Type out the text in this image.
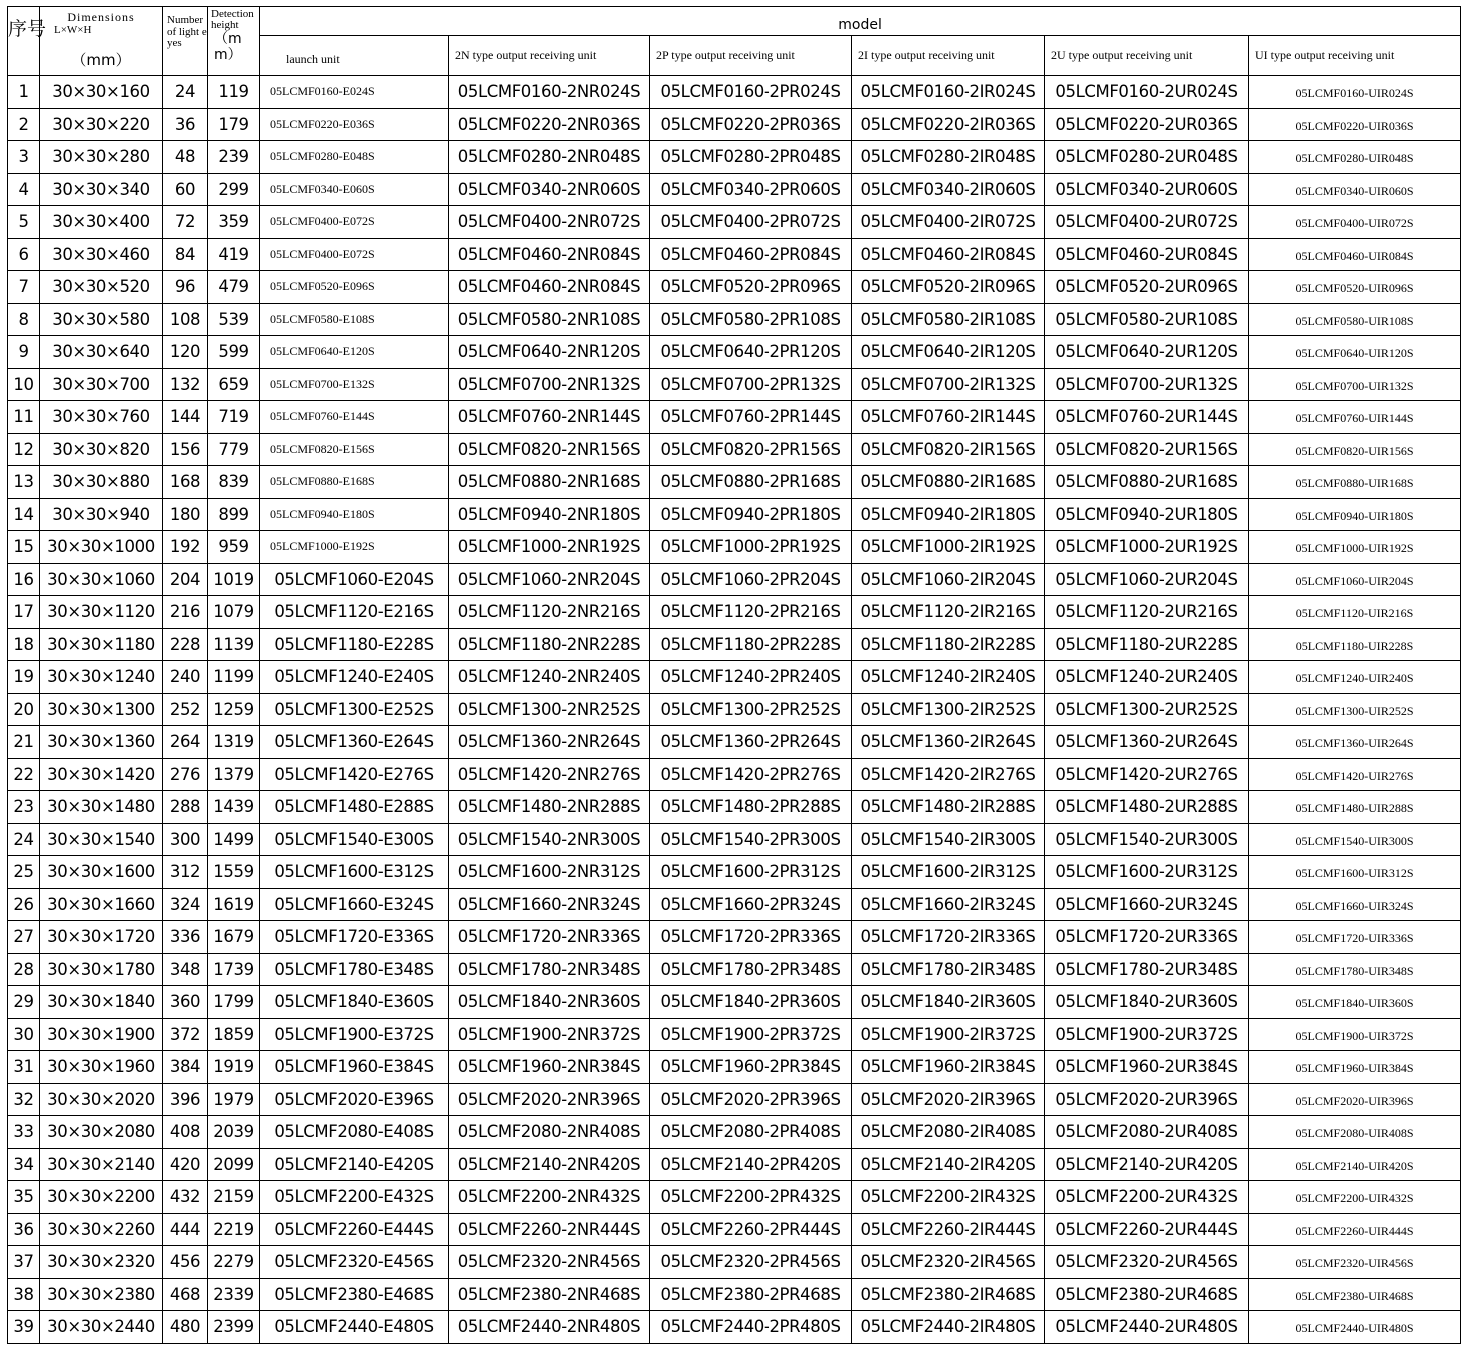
序号	Dimensions
L×W×H
（mm）	Number of light eyes	Detection height
（mm）	model					
				launch unit	2N type output receiving unit	2P type output receiving unit	2I type output receiving unit	2U type output receiving unit	UI type output receiving unit
1	30×30×160	24	119	05LCMF0160-E024S	05LCMF0160-2NR024S	05LCMF0160-2PR024S	05LCMF0160-2IR024S	05LCMF0160-2UR024S	05LCMF0160-UIR024S
2	30×30×220	36	179	05LCMF0220-E036S	05LCMF0220-2NR036S	05LCMF0220-2PR036S	05LCMF0220-2IR036S	05LCMF0220-2UR036S	05LCMF0220-UIR036S
3	30×30×280	48	239	05LCMF0280-E048S	05LCMF0280-2NR048S	05LCMF0280-2PR048S	05LCMF0280-2IR048S	05LCMF0280-2UR048S	05LCMF0280-UIR048S
4	30×30×340	60	299	05LCMF0340-E060S	05LCMF0340-2NR060S	05LCMF0340-2PR060S	05LCMF0340-2IR060S	05LCMF0340-2UR060S	05LCMF0340-UIR060S
5	30×30×400	72	359	05LCMF0400-E072S	05LCMF0400-2NR072S	05LCMF0400-2PR072S	05LCMF0400-2IR072S	05LCMF0400-2UR072S	05LCMF0400-UIR072S
6	30×30×460	84	419	05LCMF0400-E072S	05LCMF0460-2NR084S	05LCMF0460-2PR084S	05LCMF0460-2IR084S	05LCMF0460-2UR084S	05LCMF0460-UIR084S
7	30×30×520	96	479	05LCMF0520-E096S	05LCMF0460-2NR084S	05LCMF0520-2PR096S	05LCMF0520-2IR096S	05LCMF0520-2UR096S	05LCMF0520-UIR096S
8	30×30×580	108	539	05LCMF0580-E108S	05LCMF0580-2NR108S	05LCMF0580-2PR108S	05LCMF0580-2IR108S	05LCMF0580-2UR108S	05LCMF0580-UIR108S
9	30×30×640	120	599	05LCMF0640-E120S	05LCMF0640-2NR120S	05LCMF0640-2PR120S	05LCMF0640-2IR120S	05LCMF0640-2UR120S	05LCMF0640-UIR120S
10	30×30×700	132	659	05LCMF0700-E132S	05LCMF0700-2NR132S	05LCMF0700-2PR132S	05LCMF0700-2IR132S	05LCMF0700-2UR132S	05LCMF0700-UIR132S
11	30×30×760	144	719	05LCMF0760-E144S	05LCMF0760-2NR144S	05LCMF0760-2PR144S	05LCMF0760-2IR144S	05LCMF0760-2UR144S	05LCMF0760-UIR144S
12	30×30×820	156	779	05LCMF0820-E156S	05LCMF0820-2NR156S	05LCMF0820-2PR156S	05LCMF0820-2IR156S	05LCMF0820-2UR156S	05LCMF0820-UIR156S
13	30×30×880	168	839	05LCMF0880-E168S	05LCMF0880-2NR168S	05LCMF0880-2PR168S	05LCMF0880-2IR168S	05LCMF0880-2UR168S	05LCMF0880-UIR168S
14	30×30×940	180	899	05LCMF0940-E180S	05LCMF0940-2NR180S	05LCMF0940-2PR180S	05LCMF0940-2IR180S	05LCMF0940-2UR180S	05LCMF0940-UIR180S
15	30×30×1000	192	959	05LCMF1000-E192S	05LCMF1000-2NR192S	05LCMF1000-2PR192S	05LCMF1000-2IR192S	05LCMF1000-2UR192S	05LCMF1000-UIR192S
16	30×30×1060	204	1019	05LCMF1060-E204S	05LCMF1060-2NR204S	05LCMF1060-2PR204S	05LCMF1060-2IR204S	05LCMF1060-2UR204S	05LCMF1060-UIR204S
17	30×30×1120	216	1079	05LCMF1120-E216S	05LCMF1120-2NR216S	05LCMF1120-2PR216S	05LCMF1120-2IR216S	05LCMF1120-2UR216S	05LCMF1120-UIR216S
18	30×30×1180	228	1139	05LCMF1180-E228S	05LCMF1180-2NR228S	05LCMF1180-2PR228S	05LCMF1180-2IR228S	05LCMF1180-2UR228S	05LCMF1180-UIR228S
19	30×30×1240	240	1199	05LCMF1240-E240S	05LCMF1240-2NR240S	05LCMF1240-2PR240S	05LCMF1240-2IR240S	05LCMF1240-2UR240S	05LCMF1240-UIR240S
20	30×30×1300	252	1259	05LCMF1300-E252S	05LCMF1300-2NR252S	05LCMF1300-2PR252S	05LCMF1300-2IR252S	05LCMF1300-2UR252S	05LCMF1300-UIR252S
21	30×30×1360	264	1319	05LCMF1360-E264S	05LCMF1360-2NR264S	05LCMF1360-2PR264S	05LCMF1360-2IR264S	05LCMF1360-2UR264S	05LCMF1360-UIR264S
22	30×30×1420	276	1379	05LCMF1420-E276S	05LCMF1420-2NR276S	05LCMF1420-2PR276S	05LCMF1420-2IR276S	05LCMF1420-2UR276S	05LCMF1420-UIR276S
23	30×30×1480	288	1439	05LCMF1480-E288S	05LCMF1480-2NR288S	05LCMF1480-2PR288S	05LCMF1480-2IR288S	05LCMF1480-2UR288S	05LCMF1480-UIR288S
24	30×30×1540	300	1499	05LCMF1540-E300S	05LCMF1540-2NR300S	05LCMF1540-2PR300S	05LCMF1540-2IR300S	05LCMF1540-2UR300S	05LCMF1540-UIR300S
25	30×30×1600	312	1559	05LCMF1600-E312S	05LCMF1600-2NR312S	05LCMF1600-2PR312S	05LCMF1600-2IR312S	05LCMF1600-2UR312S	05LCMF1600-UIR312S
26	30×30×1660	324	1619	05LCMF1660-E324S	05LCMF1660-2NR324S	05LCMF1660-2PR324S	05LCMF1660-2IR324S	05LCMF1660-2UR324S	05LCMF1660-UIR324S
27	30×30×1720	336	1679	05LCMF1720-E336S	05LCMF1720-2NR336S	05LCMF1720-2PR336S	05LCMF1720-2IR336S	05LCMF1720-2UR336S	05LCMF1720-UIR336S
28	30×30×1780	348	1739	05LCMF1780-E348S	05LCMF1780-2NR348S	05LCMF1780-2PR348S	05LCMF1780-2IR348S	05LCMF1780-2UR348S	05LCMF1780-UIR348S
29	30×30×1840	360	1799	05LCMF1840-E360S	05LCMF1840-2NR360S	05LCMF1840-2PR360S	05LCMF1840-2IR360S	05LCMF1840-2UR360S	05LCMF1840-UIR360S
30	30×30×1900	372	1859	05LCMF1900-E372S	05LCMF1900-2NR372S	05LCMF1900-2PR372S	05LCMF1900-2IR372S	05LCMF1900-2UR372S	05LCMF1900-UIR372S
31	30×30×1960	384	1919	05LCMF1960-E384S	05LCMF1960-2NR384S	05LCMF1960-2PR384S	05LCMF1960-2IR384S	05LCMF1960-2UR384S	05LCMF1960-UIR384S
32	30×30×2020	396	1979	05LCMF2020-E396S	05LCMF2020-2NR396S	05LCMF2020-2PR396S	05LCMF2020-2IR396S	05LCMF2020-2UR396S	05LCMF2020-UIR396S
33	30×30×2080	408	2039	05LCMF2080-E408S	05LCMF2080-2NR408S	05LCMF2080-2PR408S	05LCMF2080-2IR408S	05LCMF2080-2UR408S	05LCMF2080-UIR408S
34	30×30×2140	420	2099	05LCMF2140-E420S	05LCMF2140-2NR420S	05LCMF2140-2PR420S	05LCMF2140-2IR420S	05LCMF2140-2UR420S	05LCMF2140-UIR420S
35	30×30×2200	432	2159	05LCMF2200-E432S	05LCMF2200-2NR432S	05LCMF2200-2PR432S	05LCMF2200-2IR432S	05LCMF2200-2UR432S	05LCMF2200-UIR432S
36	30×30×2260	444	2219	05LCMF2260-E444S	05LCMF2260-2NR444S	05LCMF2260-2PR444S	05LCMF2260-2IR444S	05LCMF2260-2UR444S	05LCMF2260-UIR444S
37	30×30×2320	456	2279	05LCMF2320-E456S	05LCMF2320-2NR456S	05LCMF2320-2PR456S	05LCMF2320-2IR456S	05LCMF2320-2UR456S	05LCMF2320-UIR456S
38	30×30×2380	468	2339	05LCMF2380-E468S	05LCMF2380-2NR468S	05LCMF2380-2PR468S	05LCMF2380-2IR468S	05LCMF2380-2UR468S	05LCMF2380-UIR468S
39	30×30×2440	480	2399	05LCMF2440-E480S	05LCMF2440-2NR480S	05LCMF2440-2PR480S	05LCMF2440-2IR480S	05LCMF2440-2UR480S	05LCMF2440-UIR480S
